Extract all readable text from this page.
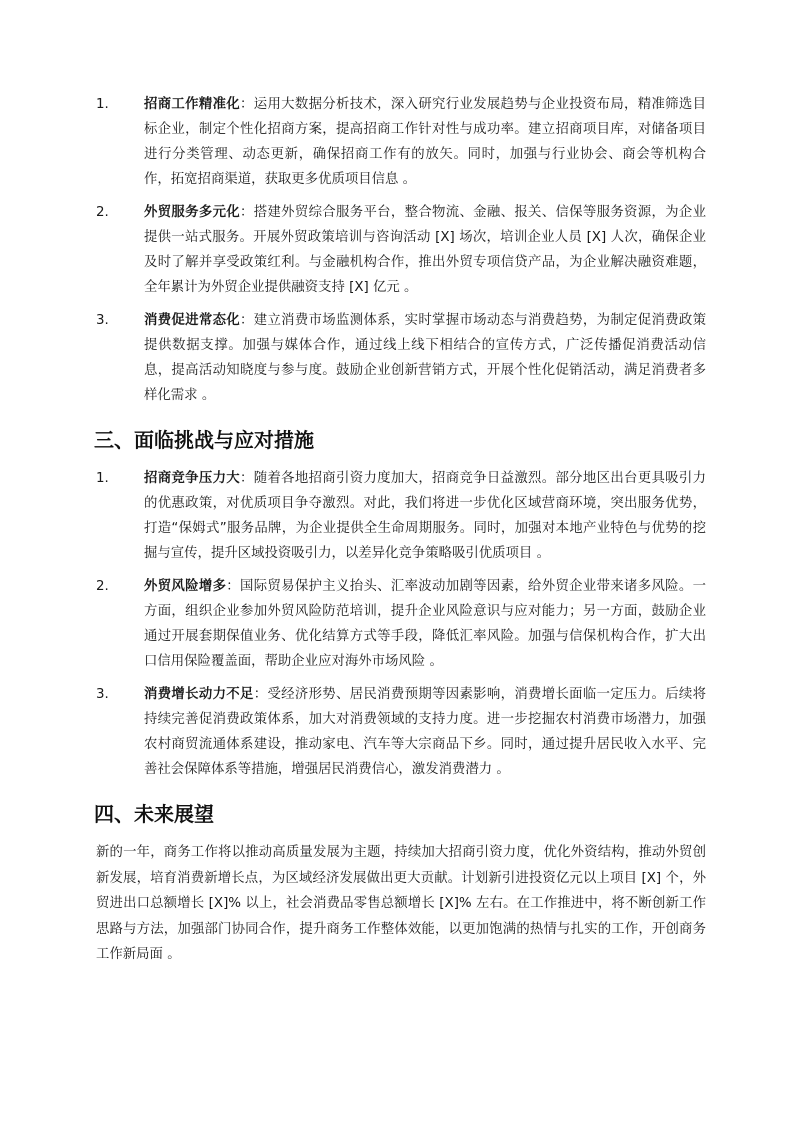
1.	招商工作精准化：运用大数据分析技术，深入研究行业发展趋势与企业投资布局，精准筛选目标企业，制定个性化招商方案，提高招商工作针对性与成功率。建立招商项目库，对储备项目进行分类管理、动态更新，确保招商工作有的放矢。同时，加强与行业协会、商会等机构合作，拓宽招商渠道，获取更多优质项目信息 。
2.	外贸服务多元化：搭建外贸综合服务平台，整合物流、金融、报关、信保等服务资源，为企业提供一站式服务。开展外贸政策培训与咨询活动 [X] 场次，培训企业人员 [X] 人次，确保企业及时了解并享受政策红利。与金融机构合作，推出外贸专项信贷产品，为企业解决融资难题，全年累计为外贸企业提供融资支持 [X] 亿元 。
3.	消费促进常态化：建立消费市场监测体系，实时掌握市场动态与消费趋势，为制定促消费政策提供数据支撑。加强与媒体合作，通过线上线下相结合的宣传方式，广泛传播促消费活动信息，提高活动知晓度与参与度。鼓励企业创新营销方式，开展个性化促销活动，满足消费者多样化需求 。
三、面临挑战与应对措施
1.	招商竞争压力大：随着各地招商引资力度加大，招商竞争日益激烈。部分地区出台更具吸引力的优惠政策，对优质项目争夺激烈。对此，我们将进一步优化区域营商环境，突出服务优势，打造“保姆式”服务品牌，为企业提供全生命周期服务。同时，加强对本地产业特色与优势的挖掘与宣传，提升区域投资吸引力，以差异化竞争策略吸引优质项目 。
2.	外贸风险增多：国际贸易保护主义抬头、汇率波动加剧等因素，给外贸企业带来诸多风险。一方面，组织企业参加外贸风险防范培训，提升企业风险意识与应对能力；另一方面，鼓励企业通过开展套期保值业务、优化结算方式等手段，降低汇率风险。加强与信保机构合作，扩大出口信用保险覆盖面，帮助企业应对海外市场风险 。
3.	消费增长动力不足：受经济形势、居民消费预期等因素影响，消费增长面临一定压力。后续将持续完善促消费政策体系，加大对消费领域的支持力度。进一步挖掘农村消费市场潜力，加强农村商贸流通体系建设，推动家电、汽车等大宗商品下乡。同时，通过提升居民收入水平、完善社会保障体系等措施，增强居民消费信心，激发消费潜力 。
四、未来展望

新的一年，商务工作将以推动高质量发展为主题，持续加大招商引资力度，优化外资结构，推动外贸创新发展，培育消费新增长点，为区域经济发展做出更大贡献。计划新引进投资亿元以上项目 [X] 个，外贸进出口总额增长 [X]% 以上，社会消费品零售总额增长 [X]% 左右。在工作推进中，将不断创新工作思路与方法，加强部门协同合作，提升商务工作整体效能，以更加饱满的热情与扎实的工作，开创商务工作新局面 。
